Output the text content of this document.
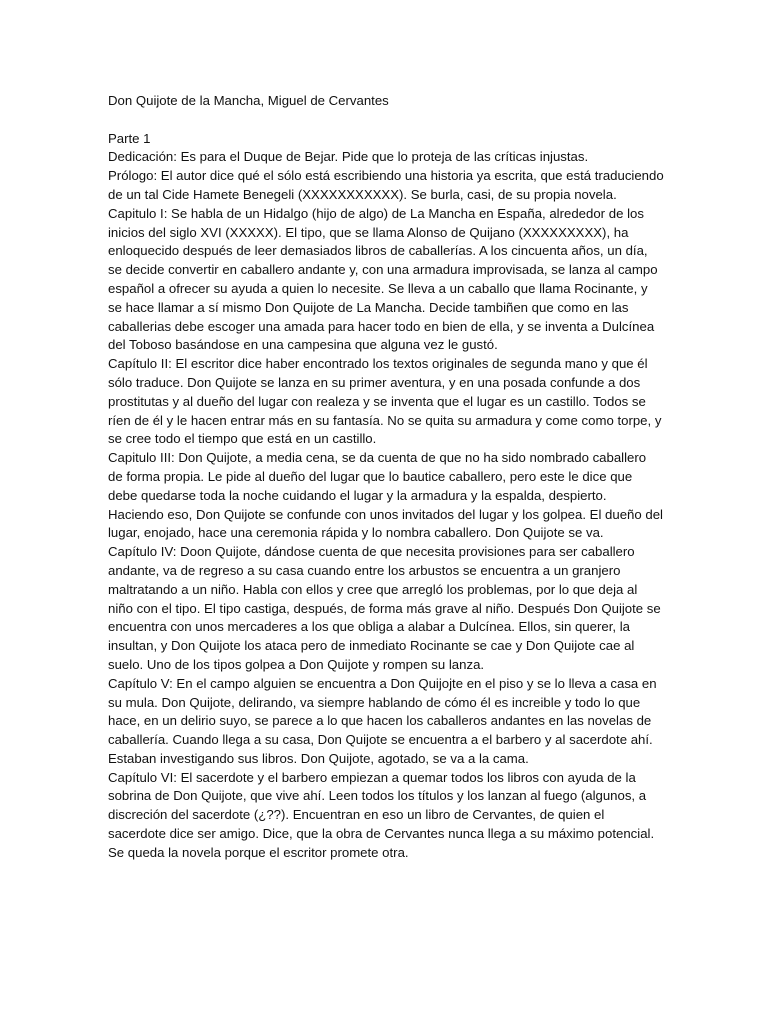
Don Quijote de la Mancha, Miguel de Cervantes

Parte 1

Dedicación: Es para el Duque de Bejar. Pide que lo proteja de las críticas injustas.

Prólogo: El autor dice qué el sólo está escribiendo una historia ya escrita, que está traduciendo de un tal Cide Hamete Benegeli (XXXXXXXXXXX). Se burla, casi, de su propia novela.

Capitulo I: Se habla de un Hidalgo (hijo de algo) de La Mancha en España, alrededor de los inicios del siglo XVI (XXXXX). El tipo, que se llama Alonso de Quijano (XXXXXXXXX), ha enloquecido después de leer demasiados libros de caballerías. A los cincuenta años, un día, se decide convertir en caballero andante y, con una armadura improvisada, se lanza al campo español a ofrecer su ayuda a quien lo necesite. Se lleva a un caballo que llama Rocinante, y se hace llamar a sí mismo Don Quijote de La Mancha. Decide tambiñen que como en las caballerias debe escoger una amada para hacer todo en bien de ella, y se inventa a Dulcínea del Toboso basándose en una campesina que alguna vez le gustó.

Capítulo II: El escritor dice haber encontrado los textos originales de segunda mano y que él sólo traduce. Don Quijote se lanza en su primer aventura, y en una posada confunde a dos prostitutas y al dueño del lugar con realeza y se inventa que el lugar es un castillo. Todos se ríen de él y le hacen entrar más en su fantasía. No se quita su armadura y come como torpe, y se cree todo el tiempo que está en un castillo.

Capitulo III: Don Quijote, a media cena, se da cuenta de que no ha sido nombrado caballero de forma propia. Le pide al dueño del lugar que lo bautice caballero, pero este le dice que debe quedarse toda la noche cuidando el lugar y la armadura y la espalda, despierto. Haciendo eso, Don Quijote se confunde con unos invitados del lugar y los golpea. El dueño del lugar, enojado, hace una ceremonia rápida y lo nombra caballero. Don Quijote se va.

Capítulo IV: Doon Quijote, dándose cuenta de que necesita provisiones para ser caballero andante, va de regreso a su casa cuando entre los arbustos se encuentra a un granjero maltratando a un niño. Habla con ellos y cree que arregló los problemas, por lo que deja al niño con el tipo. El tipo castiga, después, de forma más grave al niño. Después Don Quijote se encuentra con unos mercaderes a los que obliga a alabar a Dulcínea. Ellos, sin querer, la insultan, y Don Quijote los ataca pero de inmediato Rocinante se cae y Don Quijote cae al suelo. Uno de los tipos golpea a Don Quijote y rompen su lanza.

Capítulo V: En el campo alguien se encuentra a Don Quijojte en el piso y se lo lleva a casa en su mula. Don Quijote, delirando, va siempre hablando de cómo él es increible y todo lo que hace, en un delirio suyo, se parece a lo que hacen los caballeros andantes en las novelas de caballería. Cuando llega a su casa, Don Quijote se encuentra a el barbero y al sacerdote ahí. Estaban investigando sus libros. Don Quijote, agotado, se va a la cama.

Capítulo VI: El sacerdote y el barbero empiezan a quemar todos los libros con ayuda de la sobrina de Don Quijote, que vive ahí. Leen todos los títulos y los lanzan al fuego (algunos, a discreción del sacerdote (¿??). Encuentran en eso un libro de Cervantes, de quien el sacerdote dice ser amigo. Dice, que la obra de Cervantes nunca llega a su máximo potencial. Se queda la novela porque el escritor promete otra.
